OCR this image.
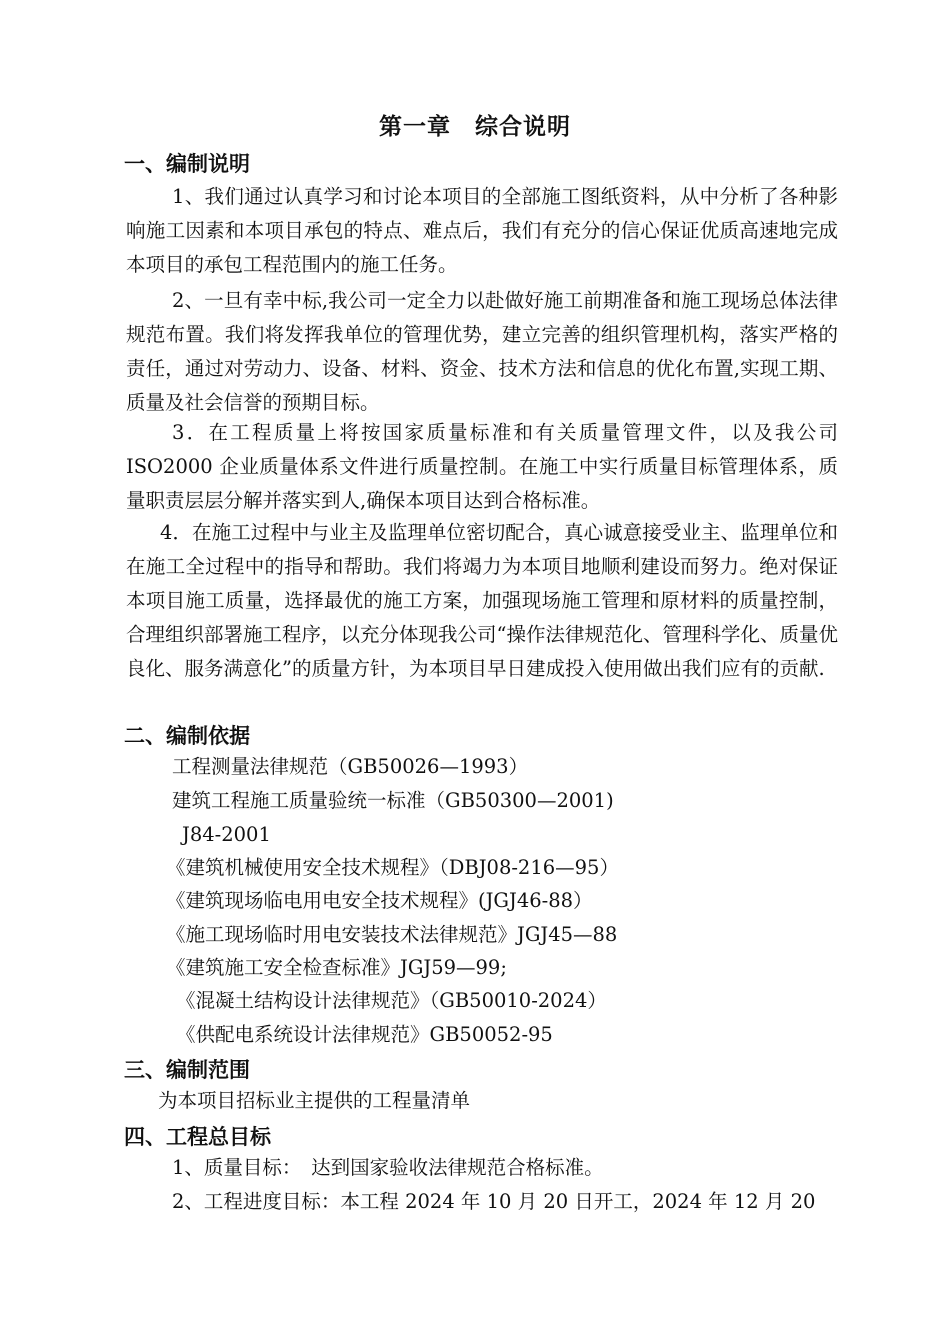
第一章　综合说明
一、编制说明

1、我们通过认真学习和讨论本项目的全部施工图纸资料，从中分析了各种影响施工因素和本项目承包的特点、难点后，我们有充分的信心保证优质高速地完成本项目的承包工程范围内的施工任务。

2、一旦有幸中标,我公司一定全力以赴做好施工前期准备和施工现场总体法律规范布置。我们将发挥我单位的管理优势，建立完善的组织管理机构，落实严格的责任，通过对劳动力、设备、材料、资金、技术方法和信息的优化布置,实现工期、质量及社会信誉的预期目标。

3．在工程质量上将按国家质量标准和有关质量管理文件，以及我公司 ISO2000 企业质量体系文件进行质量控制。在施工中实行质量目标管理体系，质量职责层层分解并落实到人,确保本项目达到合格标准。

4．在施工过程中与业主及监理单位密切配合，真心诚意接受业主、监理单位和在施工全过程中的指导和帮助。我们将竭力为本项目地顺利建设而努力。绝对保证本项目施工质量，选择最优的施工方案，加强现场施工管理和原材料的质量控制，合理组织部署施工程序，以充分体现我公司“操作法律规范化、管理科学化、质量优良化、服务满意化”的质量方针，为本项目早日建成投入使用做出我们应有的贡献.

二、编制依据
工程测量法律规范（GB50026—1993）
建筑工程施工质量验统一标准（GB50300—2001)
J84-2001
《建筑机械使用安全技术规程》（DBJ08-216—95）
《建筑现场临电用电安全技术规程》(JGJ46-88）
《施工现场临时用电安装技术法律规范》JGJ45—88
《建筑施工安全检查标准》JGJ59—99;
《混凝土结构设计法律规范》（GB50010-2024）
《供配电系统设计法律规范》GB50052-95
三、编制范围
为本项目招标业主提供的工程量清单
四、工程总目标
1、质量目标：　达到国家验收法律规范合格标准。
2、工程进度目标：本工程 2024 年 10 月 20 日开工，2024 年 12 月 20
